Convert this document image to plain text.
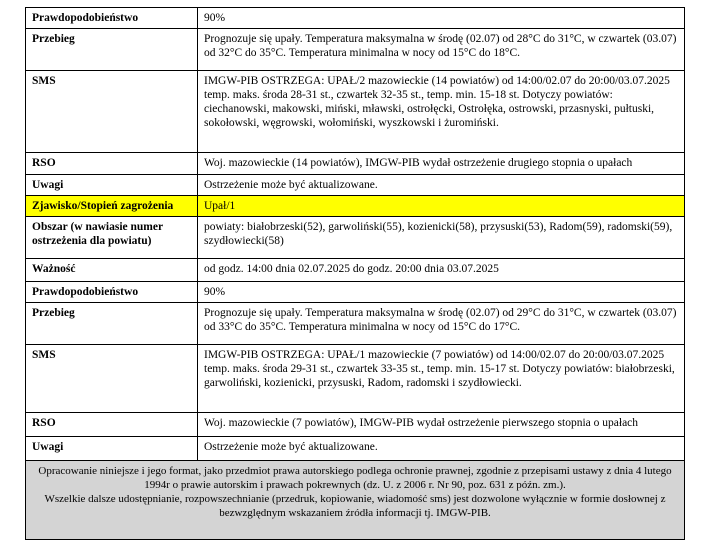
Prawdopodobieństwo	90%
Przebieg	Prognozuje się upały. Temperatura maksymalna w środę (02.07) od 28°C do 31°C, w czwartek (03.07) od 32°C do 35°C. Temperatura minimalna w nocy od 15°C do 18°C.
SMS	IMGW-PIB OSTRZEGA: UPAŁ/2 mazowieckie (14 powiatów) od 14:00/02.07 do 20:00/03.07.2025 temp. maks. środa 28-31 st., czwartek 32-35 st., temp. min. 15-18 st. Dotyczy powiatów: ciechanowski, makowski, miński, mławski, ostrołęcki, Ostrołęka, ostrowski, przasnyski, pułtuski, sokołowski, węgrowski, wołomiński, wyszkowski i żuromiński.
RSO	Woj. mazowieckie (14 powiatów), IMGW-PIB wydał ostrzeżenie drugiego stopnia o upałach
Uwagi	Ostrzeżenie może być aktualizowane.
Zjawisko/Stopień zagrożenia	Upał/1
Obszar (w nawiasie numer ostrzeżenia dla powiatu)	powiaty: białobrzeski(52), garwoliński(55), kozienicki(58), przysuski(53), Radom(59), radomski(59), szydłowiecki(58)
Ważność	od godz. 14:00 dnia 02.07.2025 do godz. 20:00 dnia 03.07.2025
Prawdopodobieństwo	90%
Przebieg	Prognozuje się upały. Temperatura maksymalna w środę (02.07) od 29°C do 31°C, w czwartek (03.07) od 33°C do 35°C. Temperatura minimalna w nocy od 15°C do 17°C.
SMS	IMGW-PIB OSTRZEGA: UPAŁ/1 mazowieckie (7 powiatów) od 14:00/02.07 do 20:00/03.07.2025 temp. maks. środa 29-31 st., czwartek 33-35 st., temp. min. 15-17 st. Dotyczy powiatów: białobrzeski, garwoliński, kozienicki, przysuski, Radom, radomski i szydłowiecki.
RSO	Woj. mazowieckie (7 powiatów), IMGW-PIB wydał ostrzeżenie pierwszego stopnia o upałach
Uwagi	Ostrzeżenie może być aktualizowane.

Opracowanie niniejsze i jego format, jako przedmiot prawa autorskiego podlega ochronie prawnej, zgodnie z przepisami ustawy z dnia 4 lutego 1994r o prawie autorskim i prawach pokrewnych (dz. U. z 2006 r. Nr 90, poz. 631 z późn. zm.).
Wszelkie dalsze udostępnianie, rozpowszechnianie (przedruk, kopiowanie, wiadomość sms) jest dozwolone wyłącznie w formie dosłownej z bezwzględnym wskazaniem źródła informacji tj. IMGW-PIB.	
